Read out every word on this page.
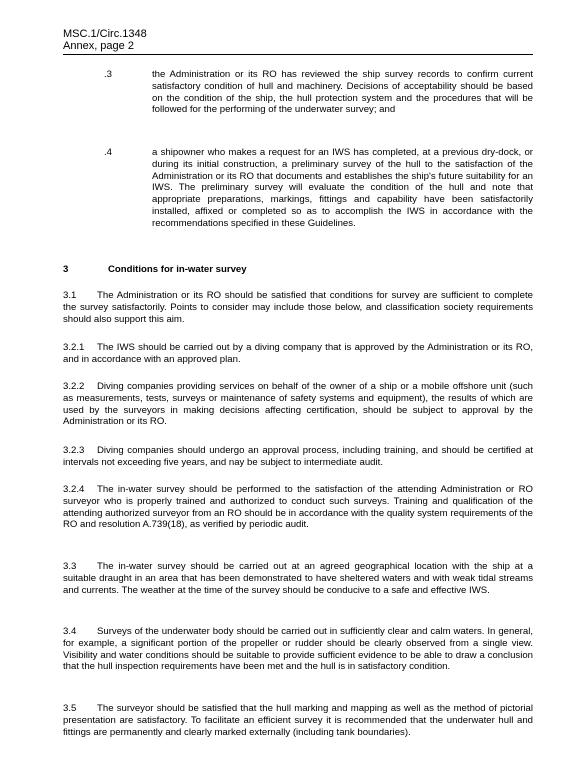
MSC.1/Circ.1348
Annex, page 2
.3	the Administration or its RO has reviewed the ship survey records to confirm current satisfactory condition of hull and machinery. Decisions of acceptability should be based on the condition of the ship, the hull protection system and the procedures that will be followed for the performing of the underwater survey; and
.4	a shipowner who makes a request for an IWS has completed, at a previous dry-dock, or during its initial construction, a preliminary survey of the hull to the satisfaction of the Administration or its RO that documents and establishes the ship's future suitability for an IWS. The preliminary survey will evaluate the condition of the hull and note that appropriate preparations, markings, fittings and capability have been satisfactorily installed, affixed or completed so as to accomplish the IWS in accordance with the recommendations specified in these Guidelines.
3	Conditions for in-water survey
3.1 The Administration or its RO should be satisfied that conditions for survey are sufficient to complete the survey satisfactorily. Points to consider may include those below, and classification society requirements should also support this aim.
3.2.1 The IWS should be carried out by a diving company that is approved by the Administration or its RO, and in accordance with an approved plan.
3.2.2 Diving companies providing services on behalf of the owner of a ship or a mobile offshore unit (such as measurements, tests, surveys or maintenance of safety systems and equipment), the results of which are used by the surveyors in making decisions affecting certification, should be subject to approval by the Administration or its RO.
3.2.3 Diving companies should undergo an approval process, including training, and should be certified at intervals not exceeding five years, and nay be subject to intermediate audit.
3.2.4 The in-water survey should be performed to the satisfaction of the attending Administration or RO surveyor who is properly trained and authorized to conduct such surveys. Training and qualification of the attending authorized surveyor from an RO should be in accordance with the quality system requirements of the RO and resolution A.739(18), as verified by periodic audit.
3.3 The in-water survey should be carried out at an agreed geographical location with the ship at a suitable draught in an area that has been demonstrated to have sheltered waters and with weak tidal streams and currents. The weather at the time of the survey should be conducive to a safe and effective IWS.
3.4 Surveys of the underwater body should be carried out in sufficiently clear and calm waters. In general, for example, a significant portion of the propeller or rudder should be clearly observed from a single view. Visibility and water conditions should be suitable to provide sufficient evidence to be able to draw a conclusion that the hull inspection requirements have been met and the hull is in satisfactory condition.
3.5 The surveyor should be satisfied that the hull marking and mapping as well as the method of pictorial presentation are satisfactory. To facilitate an efficient survey it is recommended that the underwater hull and fittings are permanently and clearly marked externally (including tank boundaries).
